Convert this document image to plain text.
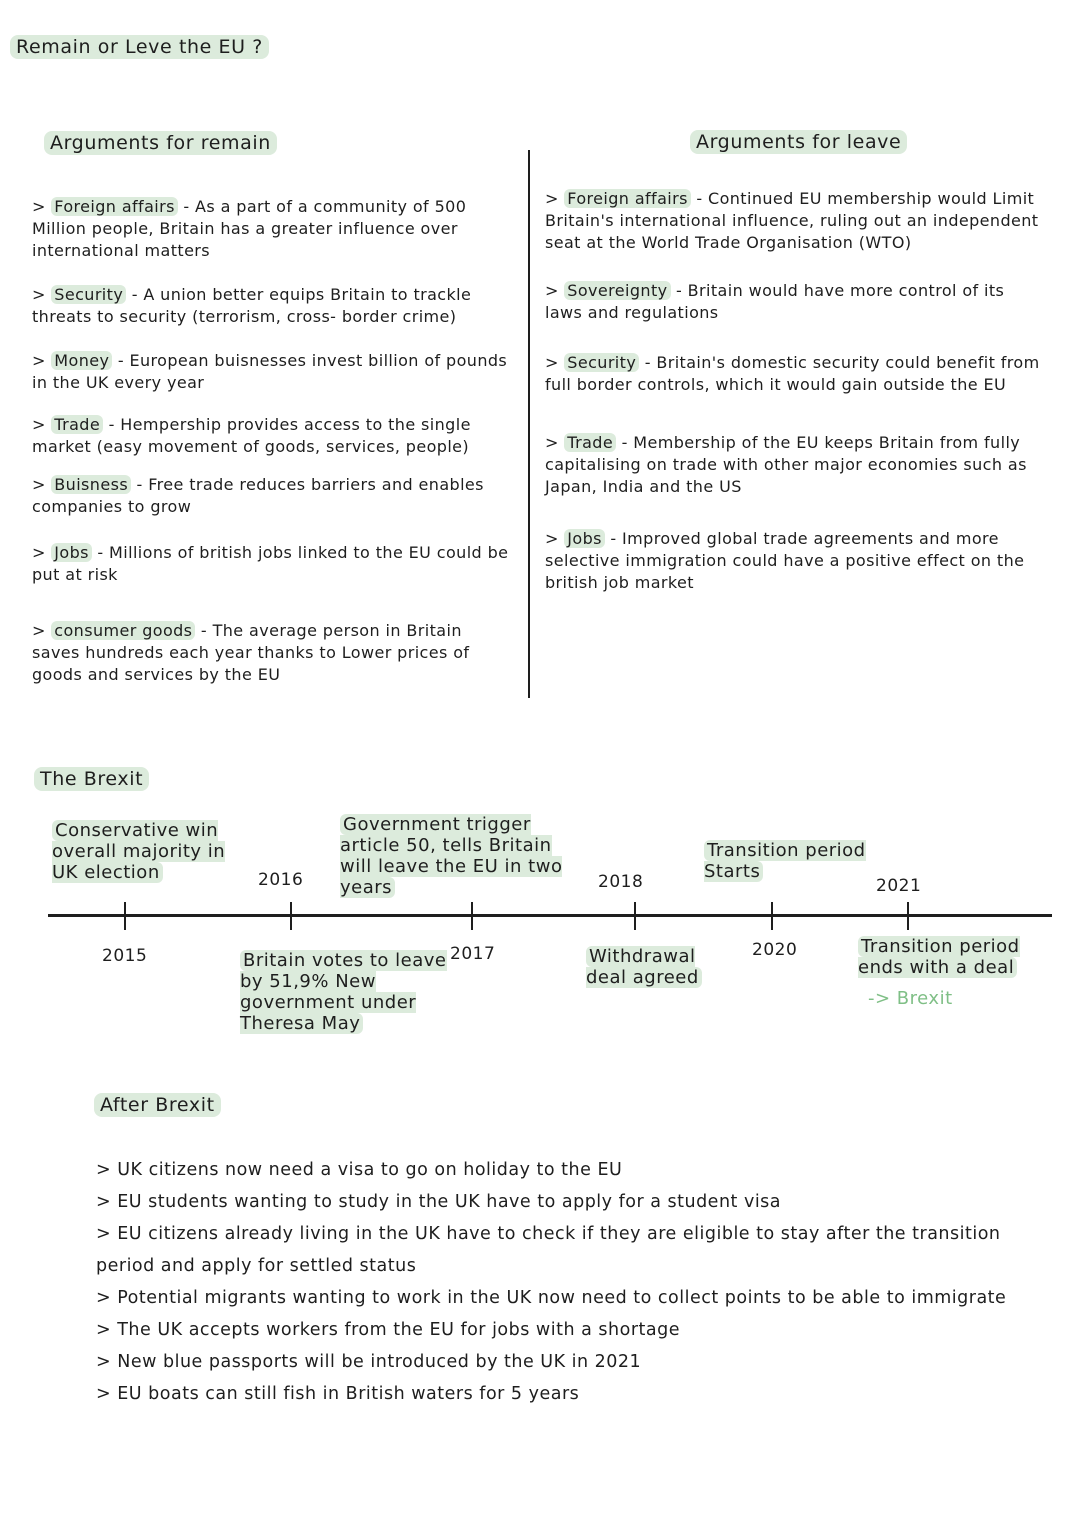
Remain or Leve the EU ?
Arguments for remain
> Foreign affairs - As a part of a community of 500 Million people, Britain has a greater influence over international matters
> Security - A union better equips Britain to trackle threats to security (terrorism, cross- border crime)
> Money - European buisnesses invest billion of pounds in the UK every year
> Trade - Hempership provides access to the single market (easy movement of goods, services, people)
> Buisness - Free trade reduces barriers and enables companies to grow
> Jobs - Millions of british jobs linked to the EU could be put at risk
> consumer goods - The average person in Britain saves hundreds each year thanks to Lower prices of goods and services by the EU
Arguments for leave
> Foreign affairs - Continued EU membership would Limit Britain's international influence, ruling out an independent seat at the World Trade Organisation (WTO)
> Sovereignty - Britain would have more control of its laws and regulations
> Security - Britain's domestic security could benefit from full border controls, which it would gain outside the EU
> Trade - Membership of the EU keeps Britain from fully capitalising on trade with other major economies such as Japan, India and the US
> Jobs - Improved global trade agreements and more selective immigration could have a positive effect on the british job market
The Brexit
Conservative win overall majority in UK election	2016
Government trigger article 50, tells Britain will leave the EU in two years	2018
Transition period Starts
2021
2015	Britain votes to leave by 51,9% New government under Theresa May
2017	Withdrawal deal agreed
2020	Transition period ends with a deal
-> Brexit
After Brexit
> UK citizens now need a visa to go on holiday to the EU
> EU students wanting to study in the UK have to apply for a student visa
> EU citizens already living in the UK have to check if they are eligible to stay after the transition period and apply for settled status
> Potential migrants wanting to work in the UK now need to collect points to be able to immigrate
> The UK accepts workers from the EU for jobs with a shortage
> New blue passports will be introduced by the UK in 2021
> EU boats can still fish in British waters for 5 years
